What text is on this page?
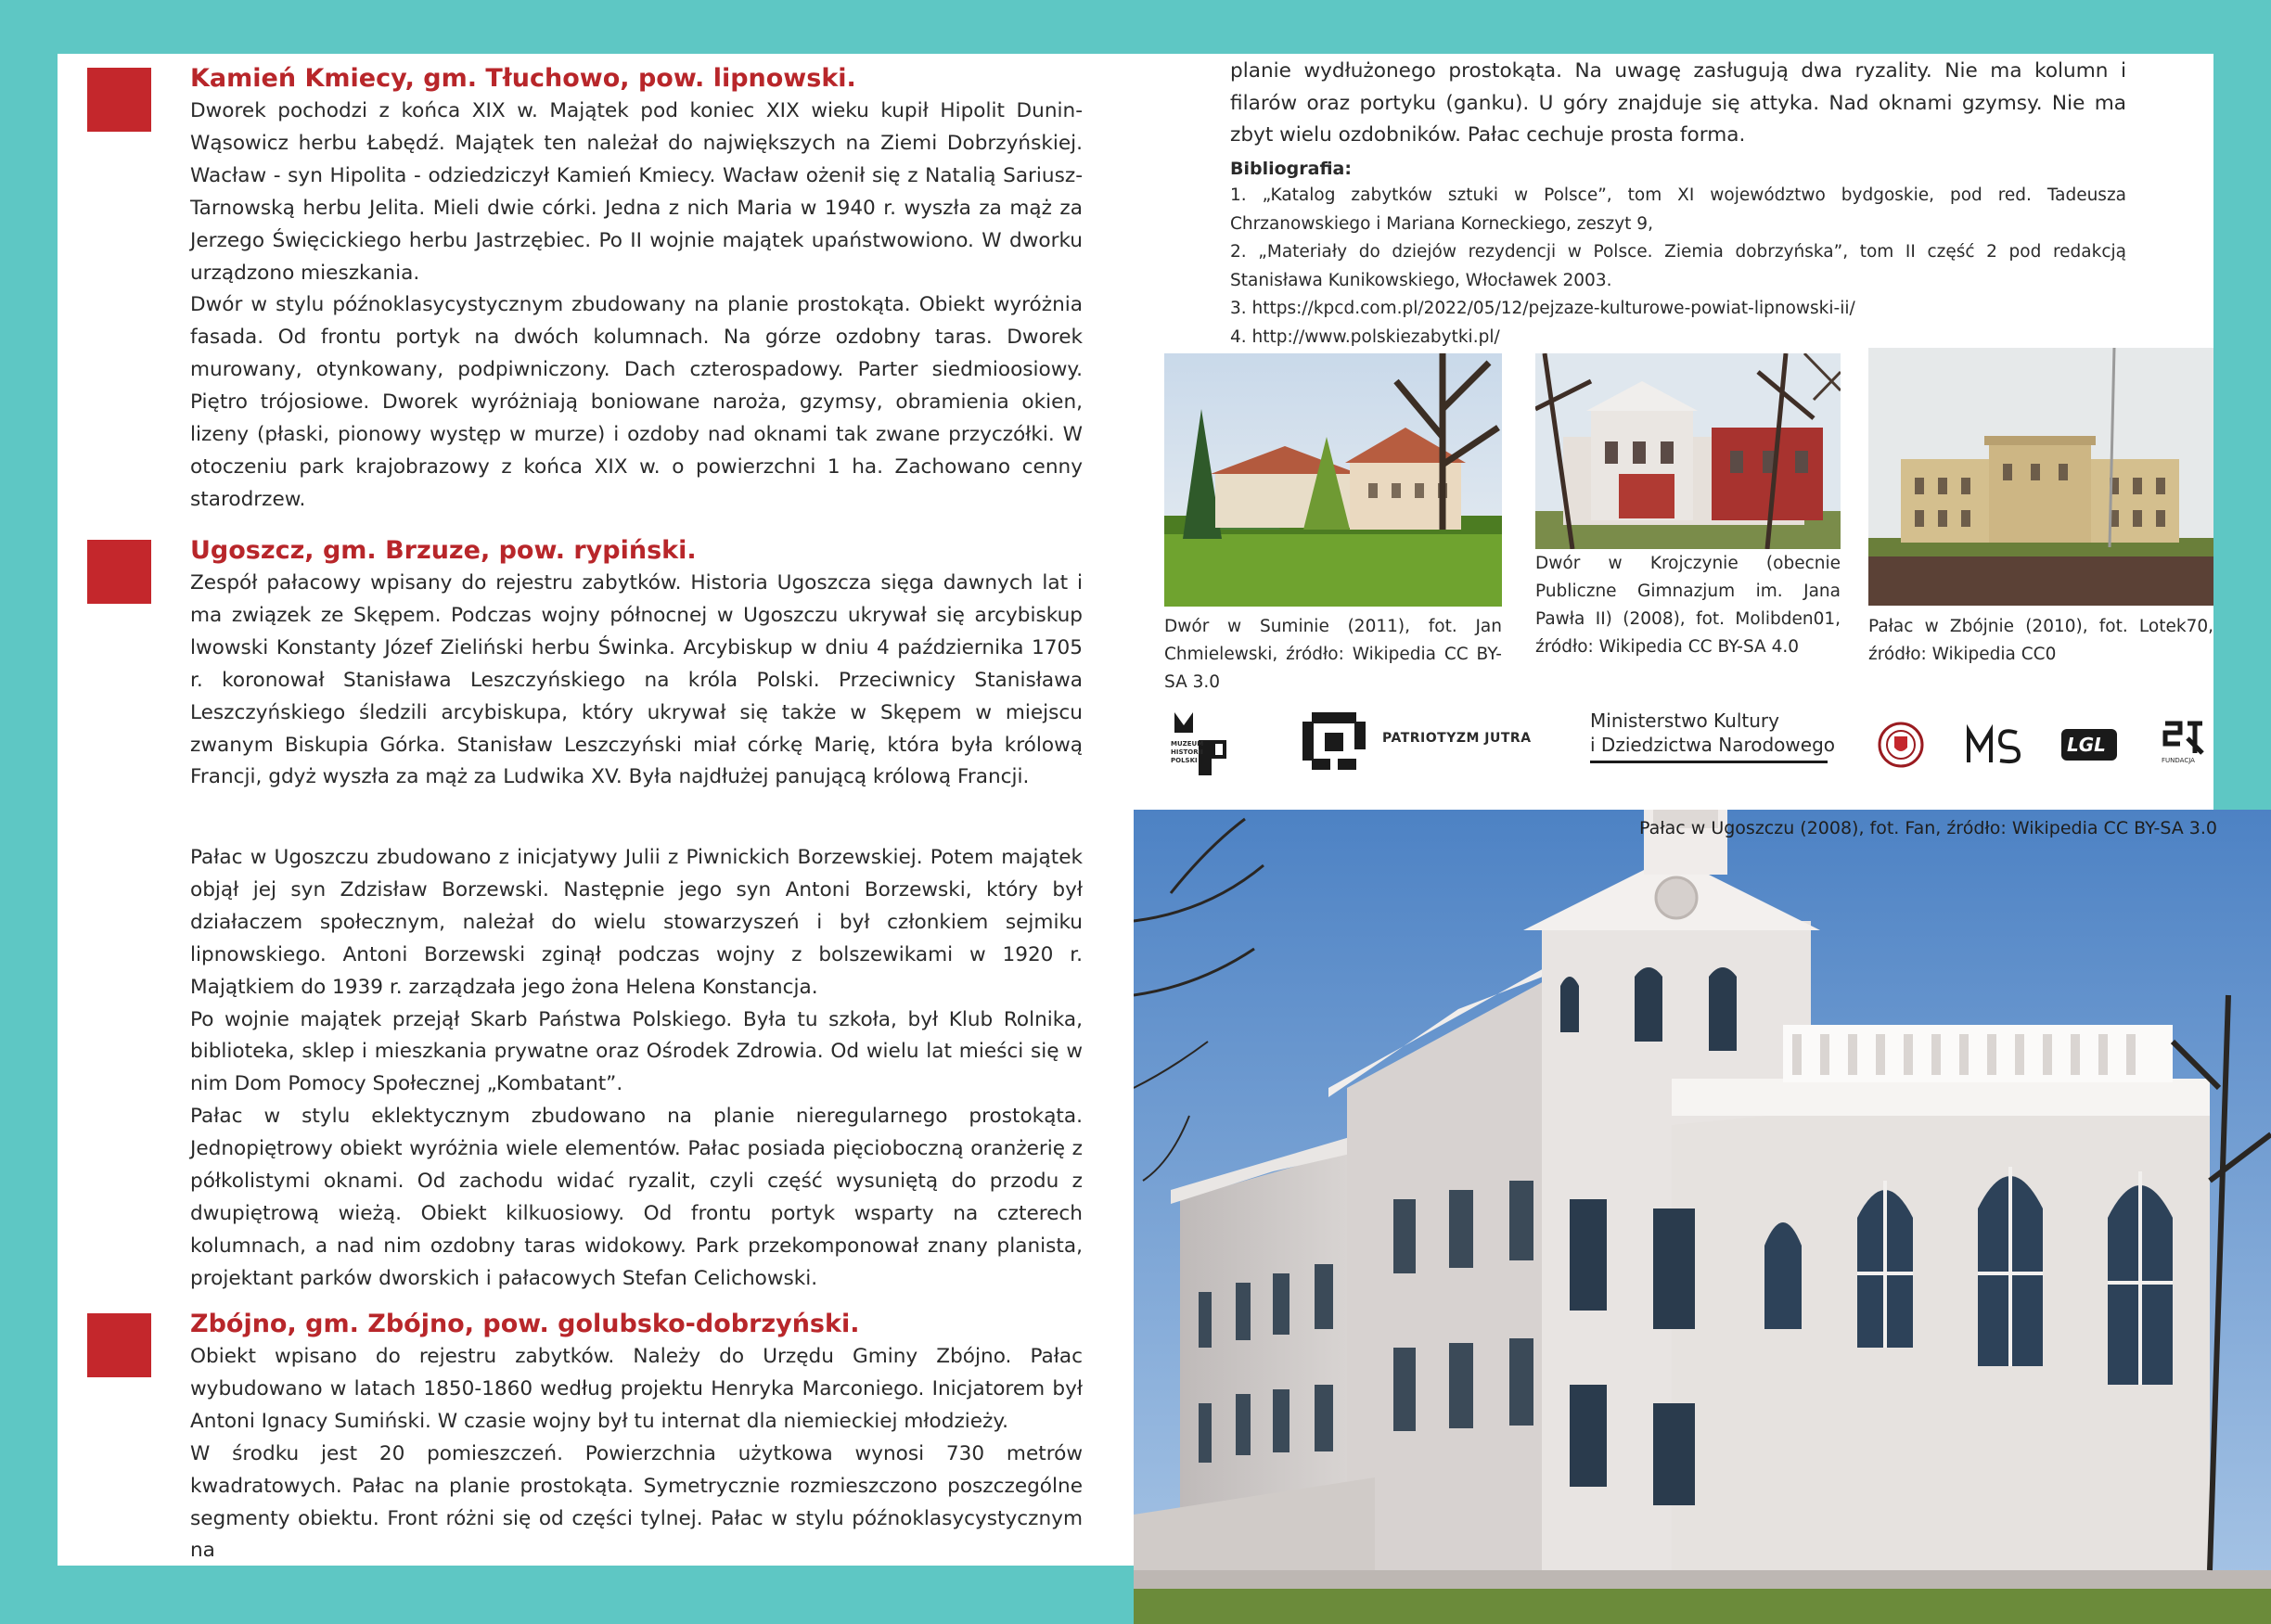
Kamień Kmiecy, gm. Tłuchowo, pow. lipnowski.

Dworek pochodzi z końca XIX w. Majątek pod koniec XIX wieku kupił Hipolit Dunin-Wąsowicz herbu Łabędź. Majątek ten należał do największych na Ziemi Dobrzyńskiej. Wacław - syn Hipolita - odziedziczył Kamień Kmiecy. Wacław ożenił się z Natalią Sariusz-Tarnowską herbu Jelita. Mieli dwie córki. Jedna z nich Maria w 1940 r. wyszła za mąż za Jerzego Święcickiego herbu Jastrzębiec. Po II wojnie majątek upaństwowiono. W dworku urządzono mieszkania.

Dwór w stylu późnoklasycystycznym zbudowany na planie prostokąta. Obiekt wyróżnia fasada. Od frontu portyk na dwóch kolumnach. Na górze ozdobny taras. Dworek murowany, otynkowany, podpiwniczony. Dach czterospadowy. Parter siedmioosiowy. Piętro trójosiowe. Dworek wyróżniają boniowane naroża, gzymsy, obramienia okien, lizeny (płaski, pionowy występ w murze) i ozdoby nad oknami tak zwane przyczółki. W otoczeniu park krajobrazowy z końca XIX w. o powierzchni 1 ha. Zachowano cenny starodrzew.

Ugoszcz, gm. Brzuze, pow. rypiński.

Zespół pałacowy wpisany do rejestru zabytków. Historia Ugoszcza sięga dawnych lat i ma związek ze Skępem. Podczas wojny północnej w Ugoszczu ukrywał się arcybiskup lwowski Konstanty Józef Zieliński herbu Świnka. Arcybiskup w dniu 4 października 1705 r. koronował Stanisława Leszczyńskiego na króla Polski. Przeciwnicy Stanisława Leszczyńskiego śledzili arcybiskupa, który ukrywał się także w Skępem w miejscu zwanym Biskupia Górka. Stanisław Leszczyński miał córkę Marię, która była królową Francji, gdyż wyszła za mąż za Ludwika XV. Była najdłużej panującą królową Francji.

Pałac w Ugoszczu zbudowano z inicjatywy Julii z Piwnickich Borzewskiej. Potem majątek objął jej syn Zdzisław Borzewski. Następnie jego syn Antoni Borzewski, który był działaczem społecznym, należał do wielu stowarzyszeń i był członkiem sejmiku lipnowskiego. Antoni Borzewski zginął podczas wojny z bolszewikami w 1920 r. Majątkiem do 1939 r. zarządzała jego żona Helena Konstancja.

Po wojnie majątek przejął Skarb Państwa Polskiego. Była tu szkoła, był Klub Rolnika, biblioteka, sklep i mieszkania prywatne oraz Ośrodek Zdrowia. Od wielu lat mieści się w nim Dom Pomocy Społecznej „Kombatant”.

Pałac w stylu eklektycznym zbudowano na planie nieregularnego prostokąta. Jednopiętrowy obiekt wyróżnia wiele elementów. Pałac posiada pięcioboczną oranżerię z półkolistymi oknami. Od zachodu widać ryzalit, czyli część wysuniętą do przodu z dwupiętrową wieżą. Obiekt kilkuosiowy. Od frontu portyk wsparty na czterech kolumnach, a nad nim ozdobny taras widokowy. Park przekomponował znany planista, projektant parków dworskich i pałacowych Stefan Celichowski.

Zbójno, gm. Zbójno, pow. golubsko-dobrzyński.

Obiekt wpisano do rejestru zabytków. Należy do Urzędu Gminy Zbójno. Pałac wybudowano w latach 1850-1860 według projektu Henryka Marconiego. Inicjatorem był Antoni Ignacy Sumiński. W czasie wojny był tu internat dla niemieckiej młodzieży.

W środku jest 20 pomieszczeń. Powierzchnia użytkowa wynosi 730 metrów kwadratowych. Pałac na planie prostokąta. Symetrycznie rozmieszczono poszczególne segmenty obiektu. Front różni się od części tylnej. Pałac w stylu późnoklasycystycznym na

planie wydłużonego prostokąta. Na uwagę zasługują dwa ryzality. Nie ma kolumn i filarów oraz portyku (ganku). U góry znajduje się attyka. Nad oknami gzymsy. Nie ma zbyt wielu ozdobników. Pałac cechuje prosta forma.
Bibliografia:
1. „Katalog zabytków sztuki w Polsce”, tom XI województwo bydgoskie, pod red. Tadeusza Chrzanowskiego i Mariana Korneckiego, zeszyt 9,
2. „Materiały do dziejów rezydencji w Polsce. Ziemia dobrzyńska”, tom II część 2 pod redakcją Stanisława Kunikowskiego, Włocławek 2003.
3. https://kpcd.com.pl/2022/05/12/pejzaze-kulturowe-powiat-lipnowski-ii/
4. http://www.polskiezabytki.pl/
Dwór w Suminie (2011), fot. Jan Chmielewski, źródło: Wikipedia CC BY-SA 3.0
Dwór w Krojczynie (obecnie Publiczne Gimnazjum im. Jana Pawła II) (2008), fot. Molibden01, źródło: Wikipedia CC BY-SA 4.0
Pałac w Zbójnie (2010), fot. Lotek70, źródło: Wikipedia CC0
MUZEUM
HISTORII
POLSKI
PATRIOTYZM JUTRA
Ministerstwo Kultury
i Dziedzictwa Narodowego	LGL
FUNDACJA
Pałac w Ugoszczu (2008), fot. Fan, źródło: Wikipedia CC BY-SA 3.0
